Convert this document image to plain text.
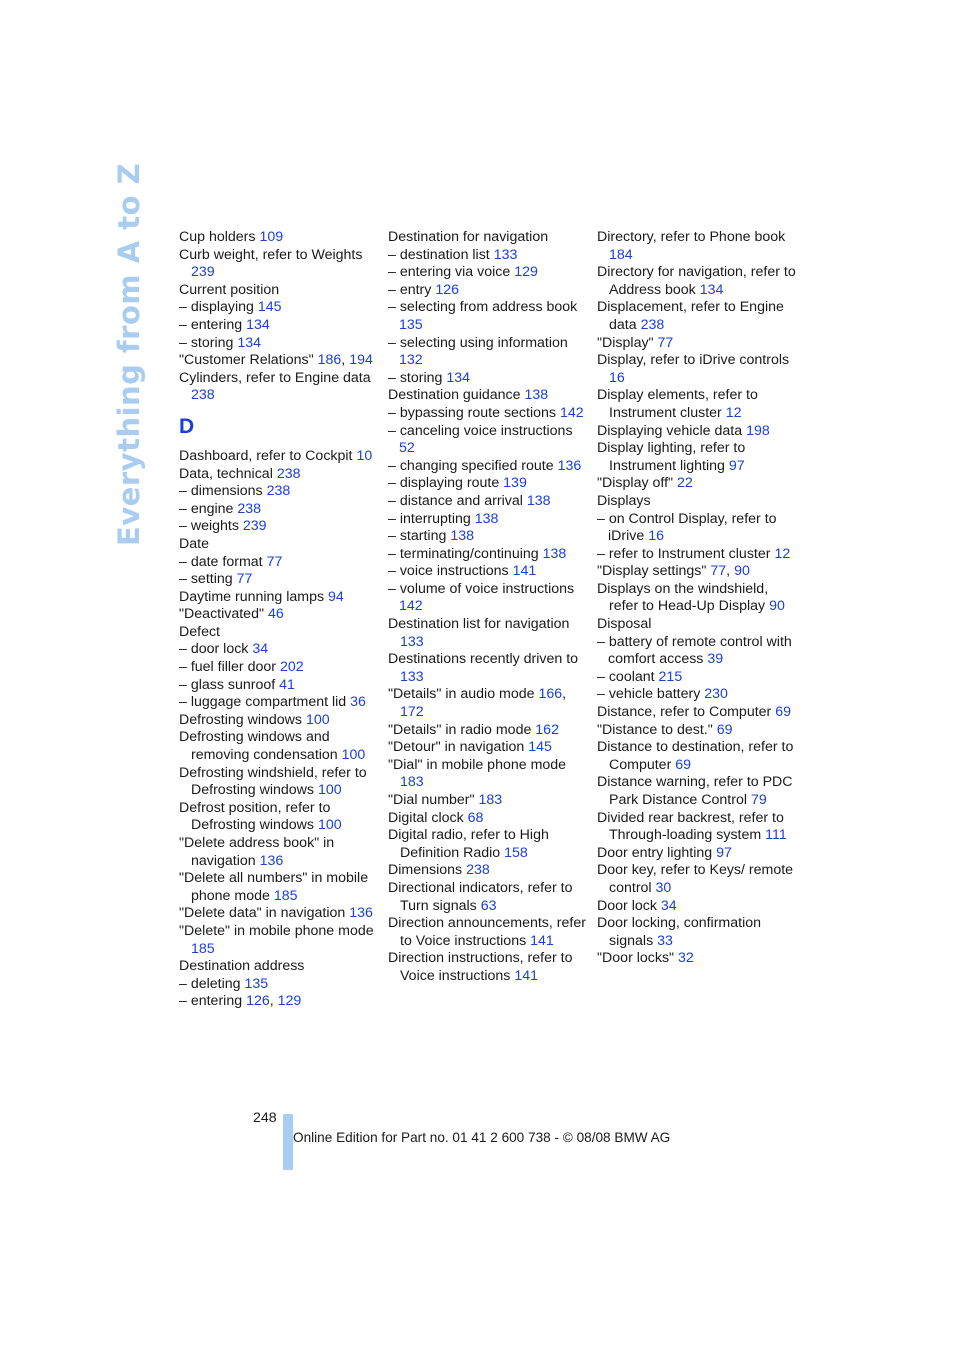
Everything from A to Z Cup holders 109
Curb weight, refer to Weights 239
Current position
– displaying 145
– entering 134
– storing 134
"Customer Relations" 186, 194
Cylinders, refer to Engine data 238
D
Dashboard, refer to Cockpit 10
Data, technical 238
– dimensions 238
– engine 238
– weights 239
Date
– date format 77
– setting 77
Daytime running lamps 94
"Deactivated" 46
Defect
– door lock 34
– fuel filler door 202
– glass sunroof 41
– luggage compartment lid 36
Defrosting windows 100
Defrosting windows and removing condensation 100
Defrosting windshield, refer to Defrosting windows 100
Defrost position, refer to Defrosting windows 100
"Delete address book" in navigation 136
"Delete all numbers" in mobile phone mode 185
"Delete data" in navigation 136
"Delete" in mobile phone mode 185
Destination address
– deleting 135
– entering 126, 129
Destination for navigation
– destination list 133
– entering via voice 129
– entry 126
– selecting from address book 135
– selecting using information 132
– storing 134
Destination guidance 138
– bypassing route sections 142
– canceling voice instructions 52
– changing specified route 136
– displaying route 139
– distance and arrival 138
– interrupting 138
– starting 138
– terminating/continuing 138
– voice instructions 141
– volume of voice instructions 142
Destination list for navigation 133
Destinations recently driven to 133
"Details" in audio mode 166, 172
"Details" in radio mode 162
"Detour" in navigation 145
"Dial" in mobile phone mode 183
"Dial number" 183
Digital clock 68
Digital radio, refer to High Definition Radio 158
Dimensions 238
Directional indicators, refer to Turn signals 63
Direction announcements, refer to Voice instructions 141
Direction instructions, refer to Voice instructions 141
Directory, refer to Phone book 184
Directory for navigation, refer to Address book 134
Displacement, refer to Engine data 238
"Display" 77
Display, refer to iDrive controls 16
Display elements, refer to Instrument cluster 12
Displaying vehicle data 198
Display lighting, refer to Instrument lighting 97
"Display off" 22
Displays
– on Control Display, refer to iDrive 16
– refer to Instrument cluster 12
"Display settings" 77, 90
Displays on the windshield, refer to Head-Up Display 90
Disposal
– battery of remote control with comfort access 39
– coolant 215
– vehicle battery 230
Distance, refer to Computer 69
"Distance to dest." 69
Distance to destination, refer to Computer 69
Distance warning, refer to PDC Park Distance Control 79
Divided rear backrest, refer to Through-loading system 111
Door entry lighting 97
Door key, refer to Keys/ remote control 30
Door lock 34
Door locking, confirmation signals 33
"Door locks" 32
248
Online Edition for Part no. 01 41 2 600 738 - © 08/08 BMW AG
